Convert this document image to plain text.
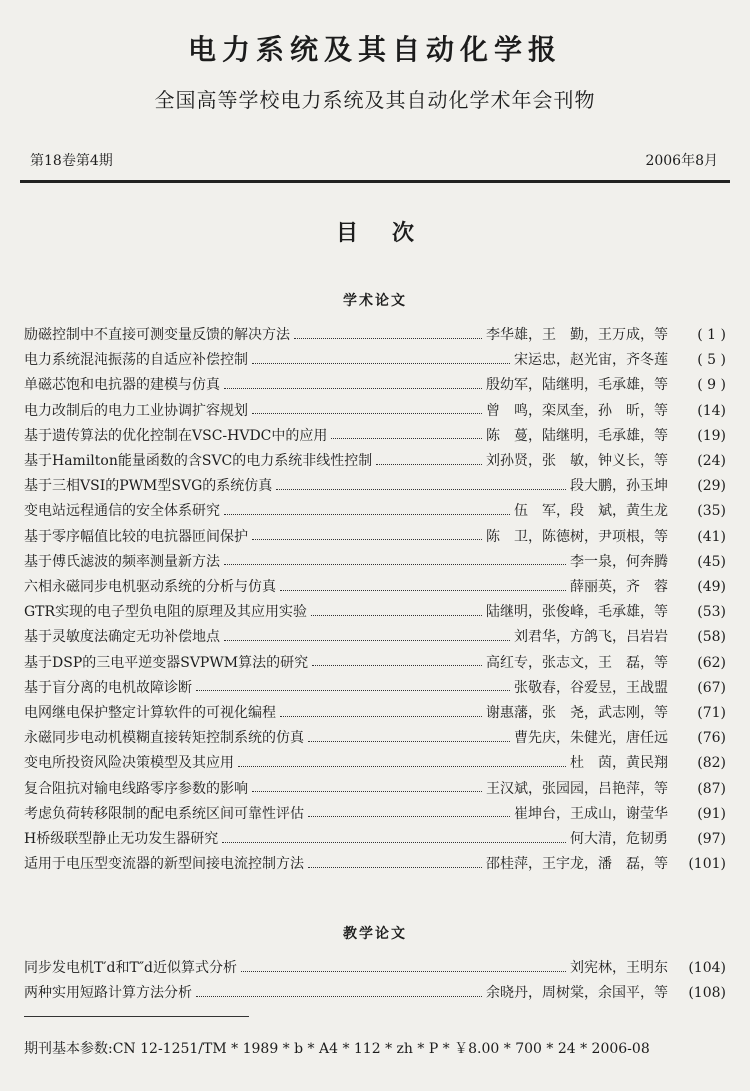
电力系统及其自动化学报
全国高等学校电力系统及其自动化学术年会刊物
第18卷第4期	2006年8月
目次
学术论文
励磁控制中不直接可测变量反馈的解决方法	李华雄，王　勤，王万成，等	( 1 )
电力系统混沌振荡的自适应补偿控制	宋运忠，赵光宙，齐冬莲	( 5 )
单磁芯饱和电抗器的建模与仿真	殷幼军，陆继明，毛承雄，等	( 9 )
电力改制后的电力工业协调扩容规划	曾　鸣，栾凤奎，孙　昕，等	(14)
基于遗传算法的优化控制在VSC-HVDC中的应用	陈　蔓，陆继明，毛承雄，等	(19)
基于Hamilton能量函数的含SVC的电力系统非线性控制	刘孙贤，张　敏，钟义长，等	(24)
基于三相VSI的PWM型SVG的系统仿真	段大鹏，孙玉坤	(29)
变电站远程通信的安全体系研究	伍　军，段　斌，黄生龙	(35)
基于零序幅值比较的电抗器匝间保护	陈　卫，陈德树，尹项根，等	(41)
基于傅氏滤波的频率测量新方法	李一泉，何奔腾	(45)
六相永磁同步电机驱动系统的分析与仿真	薛丽英，齐　蓉	(49)
GTR实现的电子型负电阻的原理及其应用实验	陆继明，张俊峰，毛承雄，等	(53)
基于灵敏度法确定无功补偿地点	刘君华，方鸽飞，吕岩岩	(58)
基于DSP的三电平逆变器SVPWM算法的研究	高红专，张志文，王　磊，等	(62)
基于盲分离的电机故障诊断	张敬春，谷爱昱，王战盟	(67)
电网继电保护整定计算软件的可视化编程	谢惠藩，张　尧，武志刚，等	(71)
永磁同步电动机模糊直接转矩控制系统的仿真	曹先庆，朱健光，唐任远	(76)
变电所投资风险决策模型及其应用	杜　茵，黄民翔	(82)
复合阻抗对输电线路零序参数的影响	王汉斌，张园园，吕艳萍，等	(87)
考虑负荷转移限制的配电系统区间可靠性评估	崔坤台，王成山，谢莹华	(91)
H桥级联型静止无功发生器研究	何大清，危韧勇	(97)
适用于电压型变流器的新型间接电流控制方法	邵桂萍，王宇龙，潘　磊，等	(101)
教学论文
同步发电机T′d和T″d近似算式分析	刘宪林，王明东	(104)
两种实用短路计算方法分析	余晓丹，周树棠，余国平，等	(108)
期刊基本参数:CN 12-1251/TM * 1989 * b * A4 * 112 * zh * P * ￥8.00 * 700 * 24 * 2006-08
